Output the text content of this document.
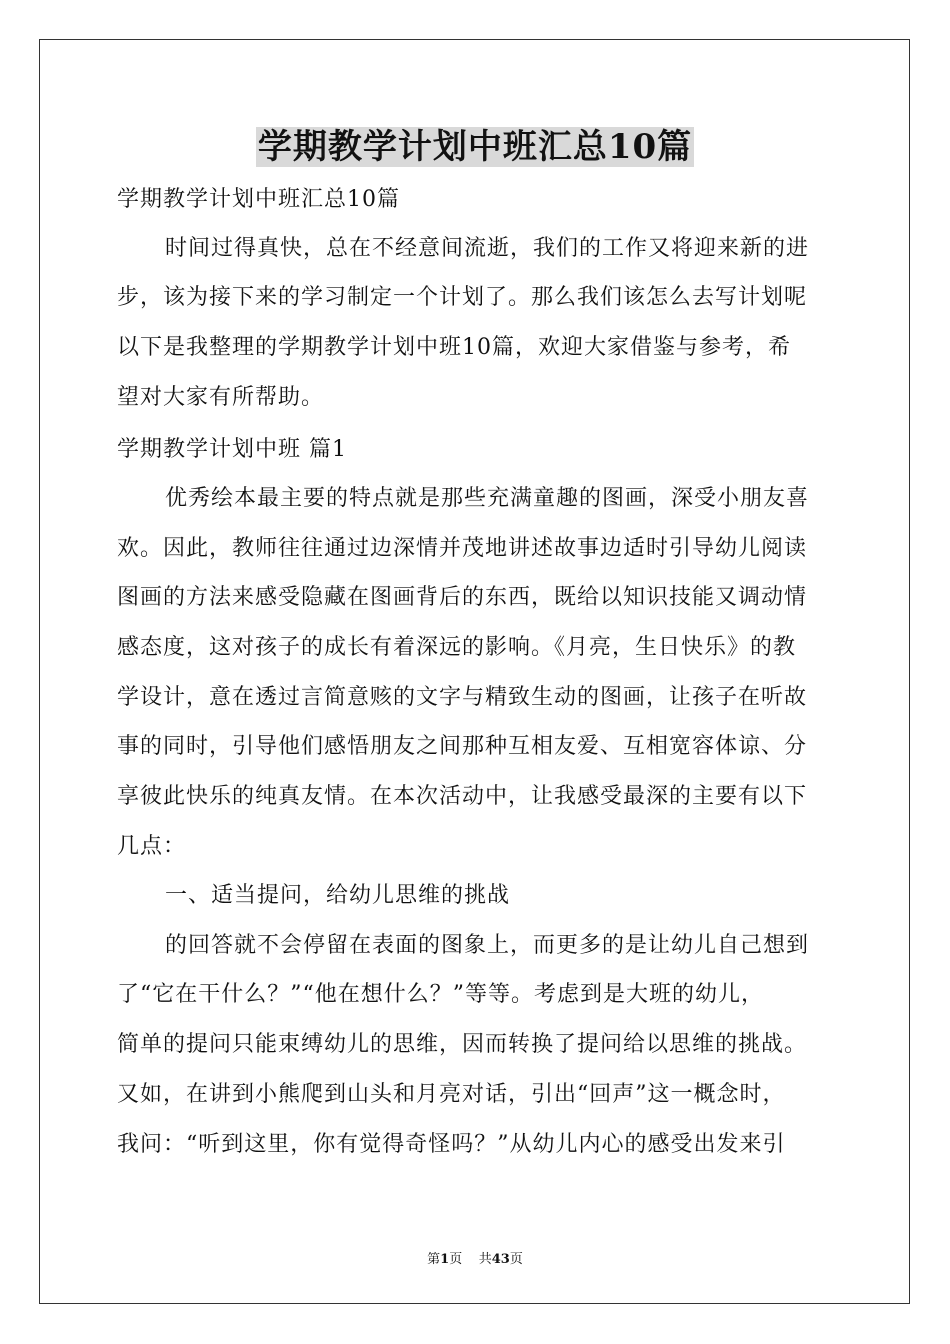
学期教学计划中班汇总10篇
学期教学计划中班汇总10篇
时间过得真快，总在不经意间流逝，我们的工作又将迎来新的进
步，该为接下来的学习制定一个计划了。那么我们该怎么去写计划呢
以下是我整理的学期教学计划中班10篇，欢迎大家借鉴与参考，希
望对大家有所帮助。
学期教学计划中班 篇1
优秀绘本最主要的特点就是那些充满童趣的图画，深受小朋友喜
欢。因此，教师往往通过边深情并茂地讲述故事边适时引导幼儿阅读
图画的方法来感受隐藏在图画背后的东西，既给以知识技能又调动情
感态度，这对孩子的成长有着深远的影响。《月亮，生日快乐》的教
学设计，意在透过言简意赅的文字与精致生动的图画，让孩子在听故
事的同时，引导他们感悟朋友之间那种互相友爱、互相宽容体谅、分
享彼此快乐的纯真友情。在本次活动中，让我感受最深的主要有以下
几点：
一、适当提问，给幼儿思维的挑战
的回答就不会停留在表面的图象上，而更多的是让幼儿自己想到
了“它在干什么？”“他在想什么？”等等。考虑到是大班的幼儿，
简单的提问只能束缚幼儿的思维，因而转换了提问给以思维的挑战。
又如，在讲到小熊爬到山头和月亮对话，引出“回声”这一概念时，
我问：“听到这里，你有觉得奇怪吗？”从幼儿内心的感受出发来引
第1页 共43页
